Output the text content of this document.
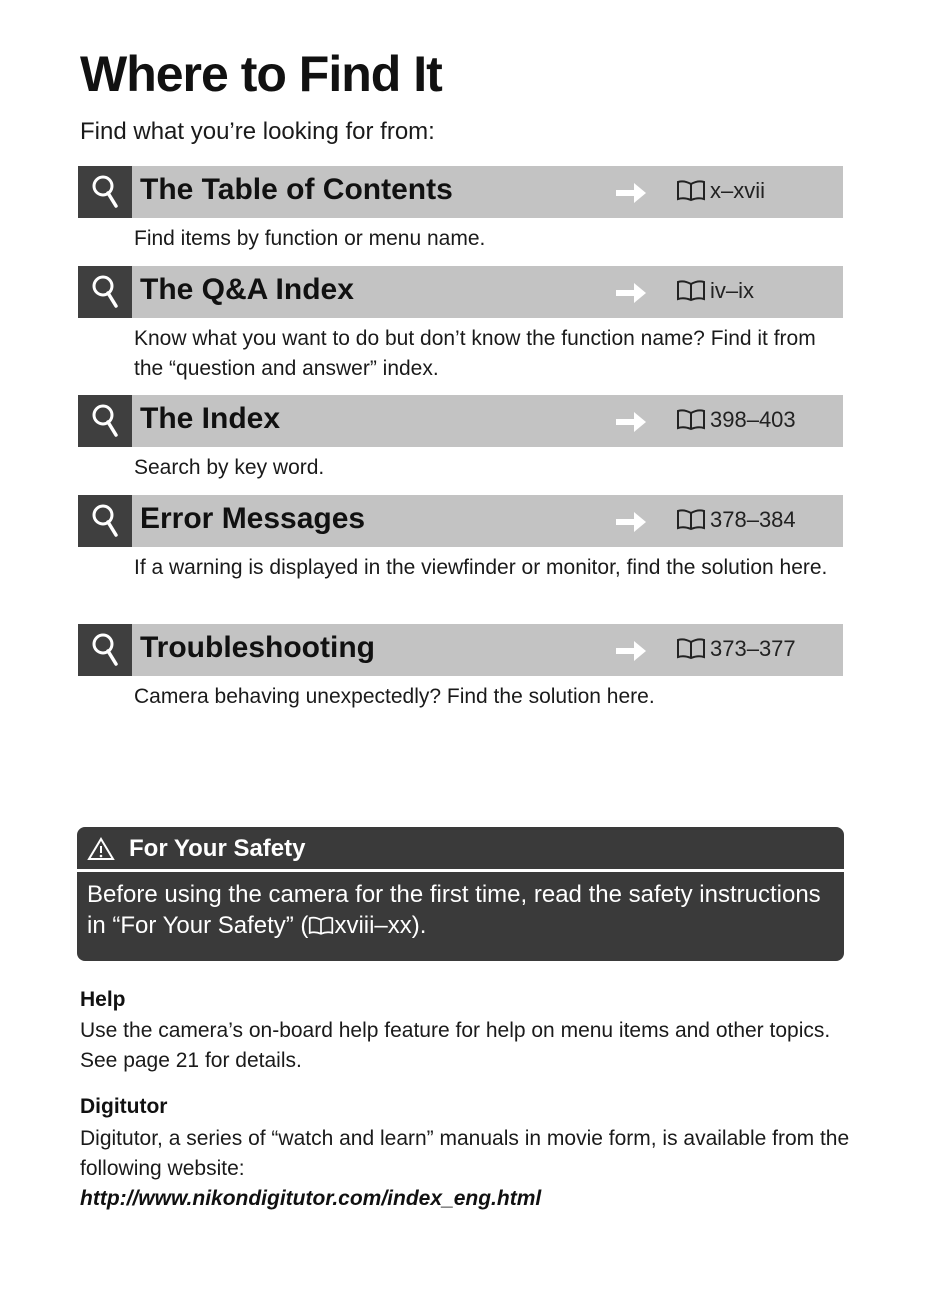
Where to Find It
Find what you’re looking for from:
The Table of Contents	x–xvii
Find items by function or menu name.
The Q&A Index	iv–ix
Know what you want to do but don’t know the function name? Find it from the “question and answer” index.
The Index	398–403
Search by key word.
Error Messages	378–384
If a warning is displayed in the viewfinder or monitor, find the solution here.
Troubleshooting	373–377
Camera behaving unexpectedly? Find the solution here.
For Your Safety
Before using the camera for the first time, read the safety instructions in “For Your Safety” ( xviii–xx).
Help
Use the camera’s on-board help feature for help on menu items and other topics. See page 21 for details.
Digitutor
Digitutor, a series of “watch and learn” manuals in movie form, is available from the following website:
http://www.nikondigitutor.com/index_eng.html
